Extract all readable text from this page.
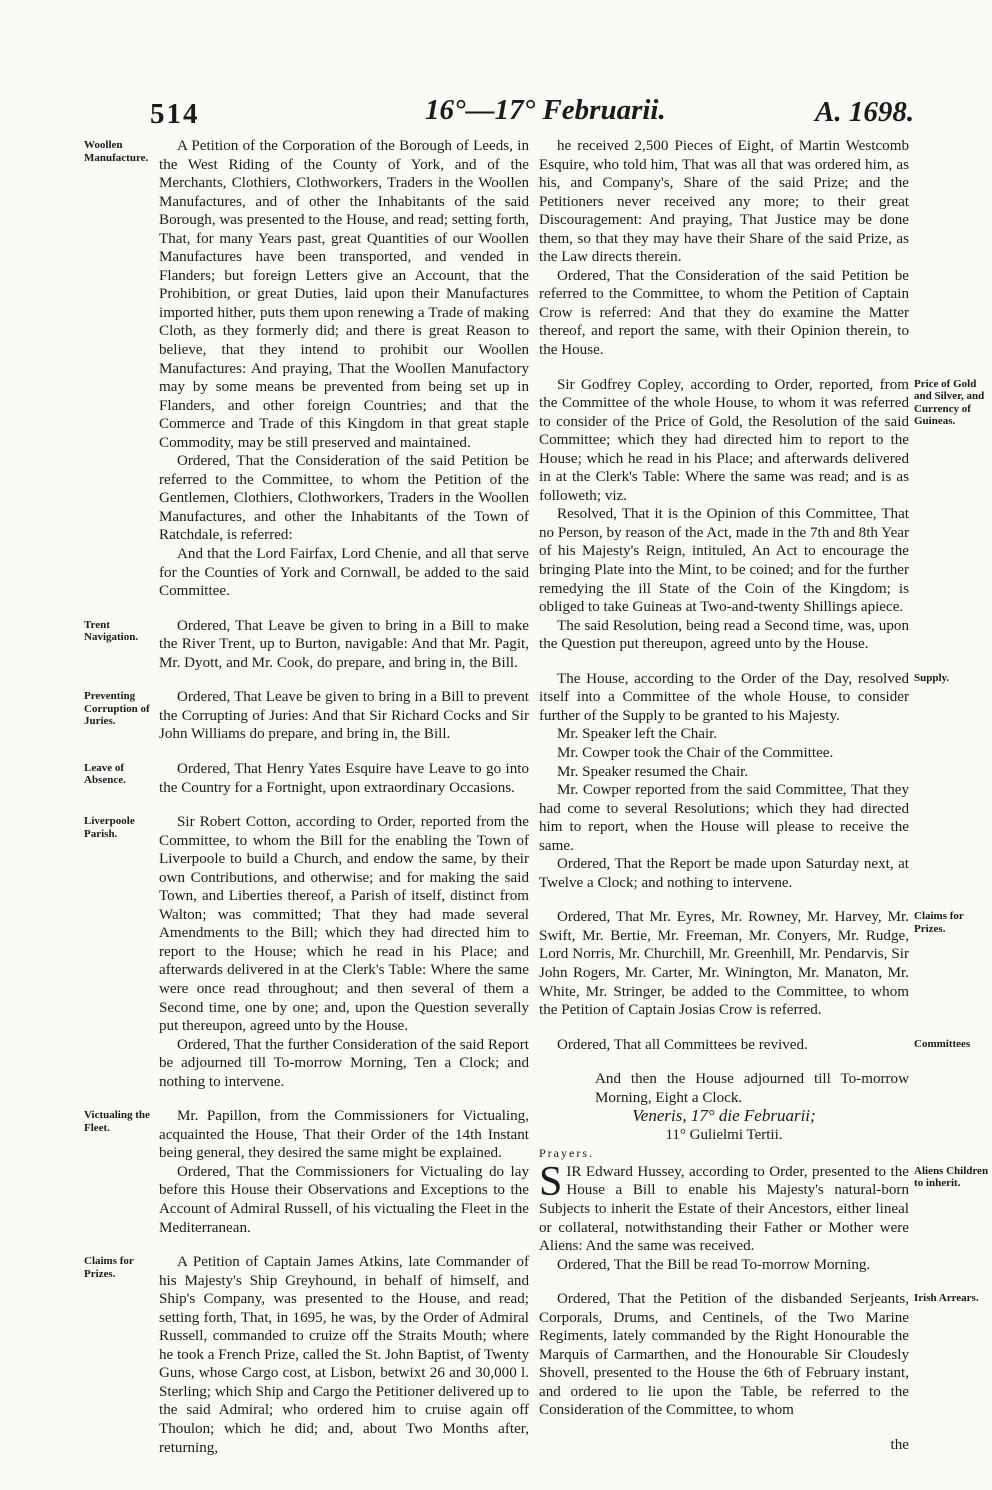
514	16°—17° Februarii.	A. 1698.

A Petition of the Corporation of the Borough of Leeds, in the West Riding of the County of York, and of the Merchants, Clothiers, Clothworkers, Traders in the Woollen Manufactures, and of other the Inhabitants of the said Borough, was presented to the House, and read; setting forth, That, for many Years past, great Quantities of our Woollen Manufactures have been transported, and vended in Flanders; but foreign Letters give an Account, that the Prohibition, or great Duties, laid upon their Manufactures imported hither, puts them upon renewing a Trade of making Cloth, as they formerly did; and there is great Reason to believe, that they intend to prohibit our Woollen Manufactures: And praying, That the Woollen Manufactory may by some means be prevented from being set up in Flanders, and other foreign Countries; and that the Commerce and Trade of this Kingdom in that great staple Commodity, may be still preserved and maintained.

Ordered, That the Consideration of the said Petition be referred to the Committee, to whom the Petition of the Gentlemen, Clothiers, Clothworkers, Traders in the Woollen Manufactures, and other the Inhabitants of the Town of Ratchdale, is referred:

And that the Lord Fairfax, Lord Chenie, and all that serve for the Counties of York and Cornwall, be added to the said Committee.

Ordered, That Leave be given to bring in a Bill to make the River Trent, up to Burton, navigable: And that Mr. Pagit, Mr. Dyott, and Mr. Cook, do prepare, and bring in, the Bill.

Ordered, That Leave be given to bring in a Bill to prevent the Corrupting of Juries: And that Sir Richard Cocks and Sir John Williams do prepare, and bring in, the Bill.

Ordered, That Henry Yates Esquire have Leave to go into the Country for a Fortnight, upon extraordinary Occasions.

Sir Robert Cotton, according to Order, reported from the Committee, to whom the Bill for the enabling the Town of Liverpoole to build a Church, and endow the same, by their own Contributions, and otherwise; and for making the said Town, and Liberties thereof, a Parish of itself, distinct from Walton; was committed; That they had made several Amendments to the Bill; which they had directed him to report to the House; which he read in his Place; and afterwards delivered in at the Clerk's Table: Where the same were once read throughout; and then several of them a Second time, one by one; and, upon the Question severally put thereupon, agreed unto by the House.

Ordered, That the further Consideration of the said Report be adjourned till To-morrow Morning, Ten a Clock; and nothing to intervene.

Mr. Papillon, from the Commissioners for Victualing, acquainted the House, That their Order of the 14th Instant being general, they desired the same might be explained.

Ordered, That the Commissioners for Victualing do lay before this House their Observations and Exceptions to the Account of Admiral Russell, of his victualing the Fleet in the Mediterranean.

A Petition of Captain James Atkins, late Commander of his Majesty's Ship Greyhound, in behalf of himself, and Ship's Company, was presented to the House, and read; setting forth, That, in 1695, he was, by the Order of Admiral Russell, commanded to cruize off the Straits Mouth; where he took a French Prize, called the St. John Baptist, of Twenty Guns, whose Cargo cost, at Lisbon, betwixt 26 and 30,000 l. Sterling; which Ship and Cargo the Petitioner delivered up to the said Admiral; who ordered him to cruise again off Thoulon; which he did; and, about Two Months after, returning,

he received 2,500 Pieces of Eight, of Martin Westcomb Esquire, who told him, That was all that was ordered him, as his, and Company's, Share of the said Prize; and the Petitioners never received any more; to their great Discouragement: And praying, That Justice may be done them, so that they may have their Share of the said Prize, as the Law directs therein.

Ordered, That the Consideration of the said Petition be referred to the Committee, to whom the Petition of Captain Crow is referred: And that they do examine the Matter thereof, and report the same, with their Opinion therein, to the House.

Sir Godfrey Copley, according to Order, reported, from the Committee of the whole House, to whom it was referred to consider of the Price of Gold, the Resolution of the said Committee; which they had directed him to report to the House; which he read in his Place; and afterwards delivered in at the Clerk's Table: Where the same was read; and is as followeth; viz.

Resolved, That it is the Opinion of this Committee, That no Person, by reason of the Act, made in the 7th and 8th Year of his Majesty's Reign, intituled, An Act to encourage the bringing Plate into the Mint, to be coined; and for the further remedying the ill State of the Coin of the Kingdom; is obliged to take Guineas at Two-and-twenty Shillings apiece.

The said Resolution, being read a Second time, was, upon the Question put thereupon, agreed unto by the House.

The House, according to the Order of the Day, resolved itself into a Committee of the whole House, to consider further of the Supply to be granted to his Majesty.

Mr. Speaker left the Chair.

Mr. Cowper took the Chair of the Committee.

Mr. Speaker resumed the Chair.

Mr. Cowper reported from the said Committee, That they had come to several Resolutions; which they had directed him to report, when the House will please to receive the same.

Ordered, That the Report be made upon Saturday next, at Twelve a Clock; and nothing to intervene.

Ordered, That Mr. Eyres, Mr. Rowney, Mr. Harvey, Mr. Swift, Mr. Bertie, Mr. Freeman, Mr. Conyers, Mr. Rudge, Lord Norris, Mr. Churchill, Mr. Greenhill, Mr. Pendarvis, Sir John Rogers, Mr. Carter, Mr. Winington, Mr. Manaton, Mr. White, Mr. Stringer, be added to the Committee, to whom the Petition of Captain Josias Crow is referred.

Ordered, That all Committees be revived.

And then the House adjourned till To-morrow Morning, Eight a Clock.

Veneris, 17° die Februarii;

11° Gulielmi Tertii.

Prayers.

SIR Edward Hussey, according to Order, presented to the House a Bill to enable his Majesty's natural-born Subjects to inherit the Estate of their Ancestors, either lineal or collateral, notwithstanding their Father or Mother were Aliens: And the same was received.

Ordered, That the Bill be read To-morrow Morning.

Ordered, That the Petition of the disbanded Serjeants, Corporals, Drums, and Centinels, of the Two Marine Regiments, lately commanded by the Right Honourable the Marquis of Carmarthen, and the Honourable Sir Cloudesly Shovell, presented to the House the 6th of February instant, and ordered to lie upon the Table, be referred to the Consideration of the Committee, to whom

the

Woollen Manufacture.
Trent Navigation.
Preventing Corruption of Juries.
Leave of Absence.
Liverpoole Parish.
Victualing the Fleet.
Claims for Prizes.
Price of Gold and Silver, and Currency of Guineas.
Supply.
Claims for Prizes.
Committees
Aliens Children to inherit.
Irish Arrears.
